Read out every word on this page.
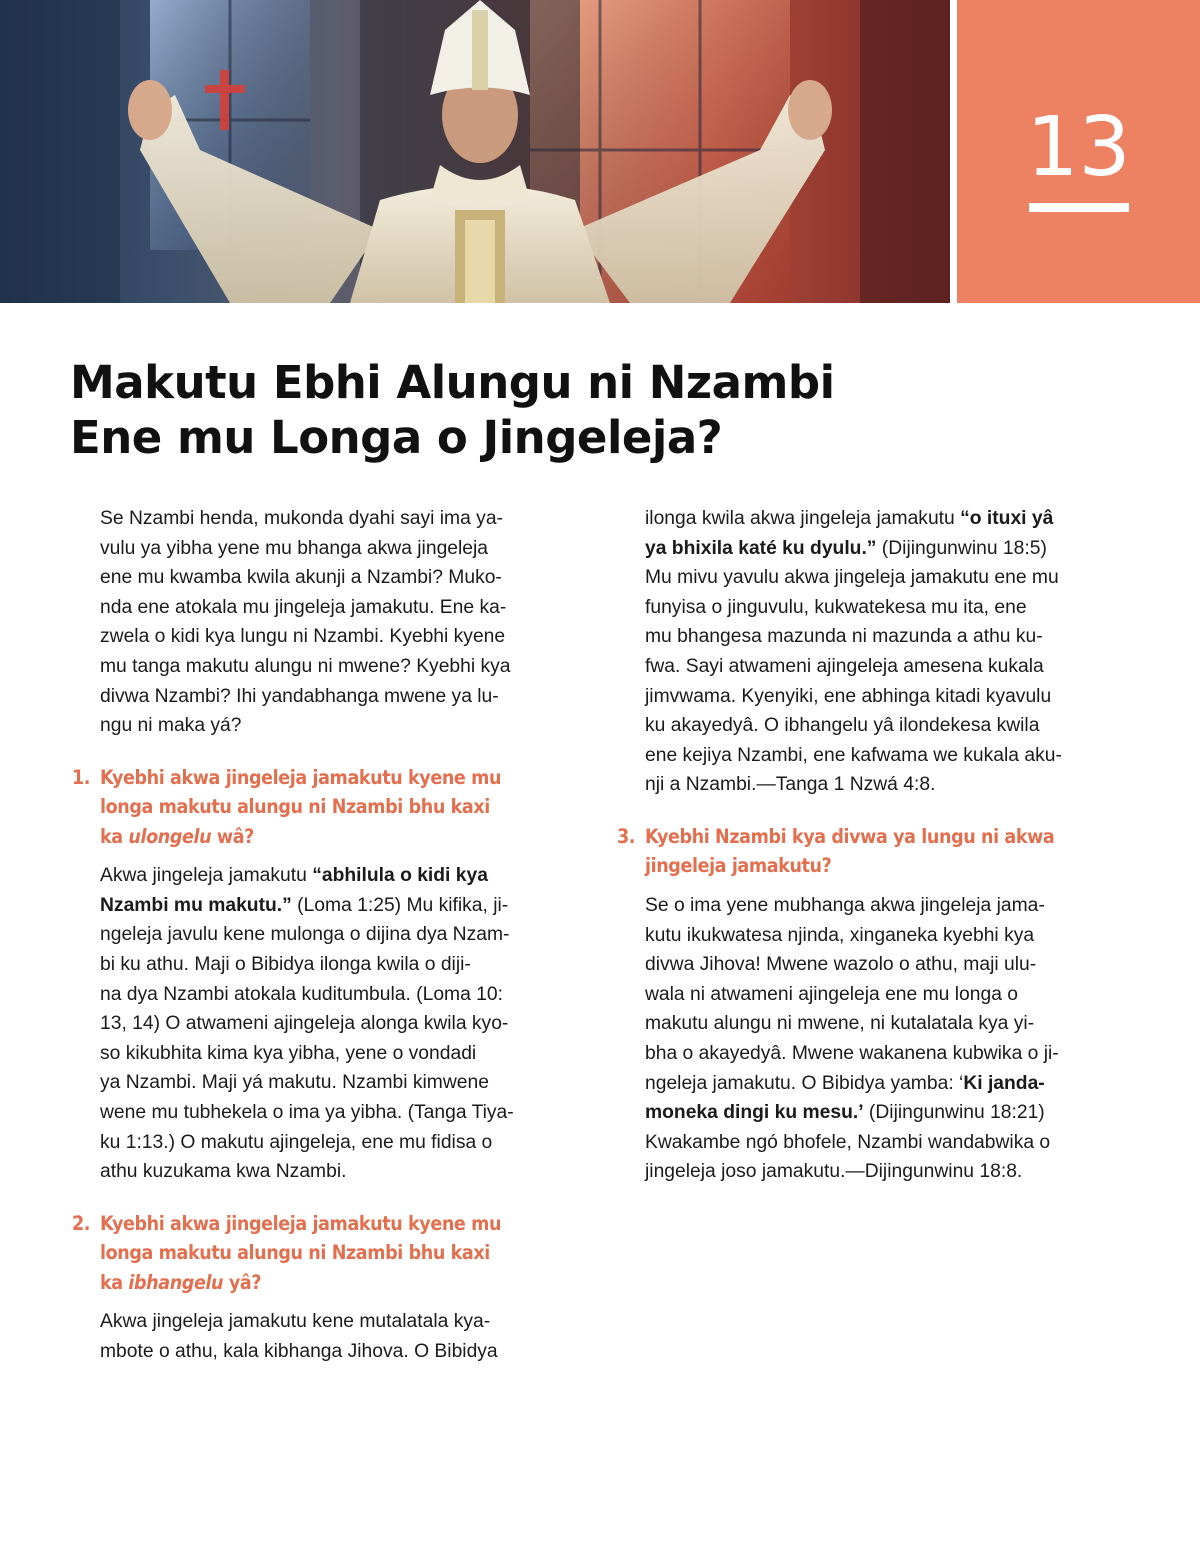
13
Makutu Ebhi Alungu ni Nzambi
Ene mu Longa o Jingeleja?

Se Nzambi henda, mukonda dyahi sayi ima ya-
vulu ya yibha yene mu bhanga akwa jingeleja
ene mu kwamba kwila akunji a Nzambi? Muko-
nda ene atokala mu jingeleja jamakutu. Ene ka-
zwela o kidi kya lungu ni Nzambi. Kyebhi kyene
mu tanga makutu alungu ni mwene? Kyebhi kya
divwa Nzambi? Ihi yandabhanga mwene ya lu-
ngu ni maka yá?

1. Kyebhi akwa jingeleja jamakutu kyene mu
longa makutu alungu ni Nzambi bhu kaxi
ka ulongelu wâ?

Akwa jingeleja jamakutu “abhilula o kidi kya
Nzambi mu makutu.” (Loma 1:25) Mu kifika, ji-
ngeleja javulu kene mulonga o dijina dya Nzam-
bi ku athu. Maji o Bibidya ilonga kwila o diji-
na dya Nzambi atokala kuditumbula. (Loma 10:
13, 14) O atwameni ajingeleja alonga kwila kyo-
so kikubhita kima kya yibha, yene o vondadi
ya Nzambi. Maji yá makutu. Nzambi kimwene
wene mu tubhekela o ima ya yibha. (Tanga Tiya-
ku 1:13.) O makutu ajingeleja, ene mu fidisa o
athu kuzukama kwa Nzambi.

2. Kyebhi akwa jingeleja jamakutu kyene mu
longa makutu alungu ni Nzambi bhu kaxi
ka ibhangelu yâ?

Akwa jingeleja jamakutu kene mutalatala kya-
mbote o athu, kala kibhanga Jihova. O Bibidya

ilonga kwila akwa jingeleja jamakutu “o ituxi yâ
ya bhixila katé ku dyulu.” (Dijingunwinu 18:5)
Mu mivu yavulu akwa jingeleja jamakutu ene mu
funyisa o jinguvulu, kukwatekesa mu ita, ene
mu bhangesa mazunda ni mazunda a athu ku-
fwa. Sayi atwameni ajingeleja amesena kukala
jimvwama. Kyenyiki, ene abhinga kitadi kyavulu
ku akayedyâ. O ibhangelu yâ ilondekesa kwila
ene kejiya Nzambi, ene kafwama we kukala aku-
nji a Nzambi.—Tanga 1 Nzwá 4:8.

3. Kyebhi Nzambi kya divwa ya lungu ni akwa
jingeleja jamakutu?

Se o ima yene mubhanga akwa jingeleja jama-
kutu ikukwatesa njinda, xinganeka kyebhi kya
divwa Jihova! Mwene wazolo o athu, maji ulu-
wala ni atwameni ajingeleja ene mu longa o
makutu alungu ni mwene, ni kutalatala kya yi-
bha o akayedyâ. Mwene wakanena kubwika o ji-
ngeleja jamakutu. O Bibidya yamba: ‘Ki janda-
moneka dingi ku mesu.’ (Dijingunwinu 18:21)
Kwakambe ngó bhofele, Nzambi wandabwika o
jingeleja joso jamakutu.—Dijingunwinu 18:8.
